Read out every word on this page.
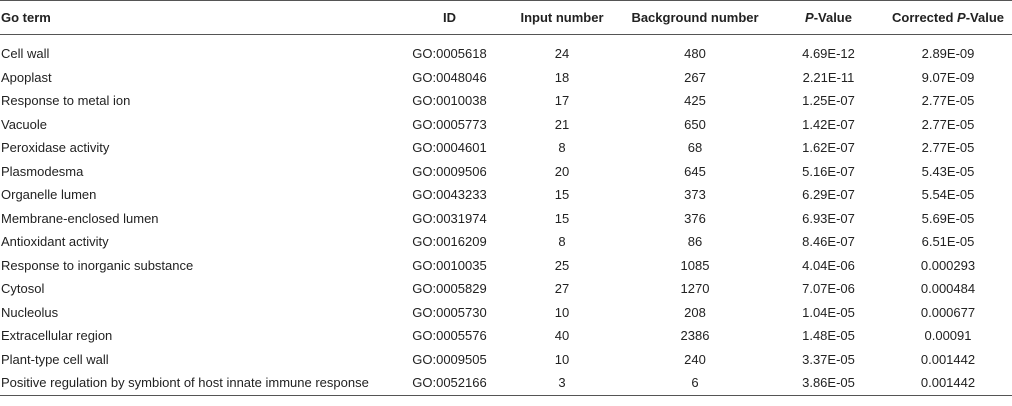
Go term	ID	Input number	Background number	P-Value	Corrected P-Value
Cell wall	GO:0005618	24	480	4.69E-12	2.89E-09
Apoplast	GO:0048046	18	267	2.21E-11	9.07E-09
Response to metal ion	GO:0010038	17	425	1.25E-07	2.77E-05
Vacuole	GO:0005773	21	650	1.42E-07	2.77E-05
Peroxidase activity	GO:0004601	8	68	1.62E-07	2.77E-05
Plasmodesma	GO:0009506	20	645	5.16E-07	5.43E-05
Organelle lumen	GO:0043233	15	373	6.29E-07	5.54E-05
Membrane-enclosed lumen	GO:0031974	15	376	6.93E-07	5.69E-05
Antioxidant activity	GO:0016209	8	86	8.46E-07	6.51E-05
Response to inorganic substance	GO:0010035	25	1085	4.04E-06	0.000293
Cytosol	GO:0005829	27	1270	7.07E-06	0.000484
Nucleolus	GO:0005730	10	208	1.04E-05	0.000677
Extracellular region	GO:0005576	40	2386	1.48E-05	0.00091
Plant-type cell wall	GO:0009505	10	240	3.37E-05	0.001442
Positive regulation by symbiont of host innate immune response	GO:0052166	3	6	3.86E-05	0.001442
